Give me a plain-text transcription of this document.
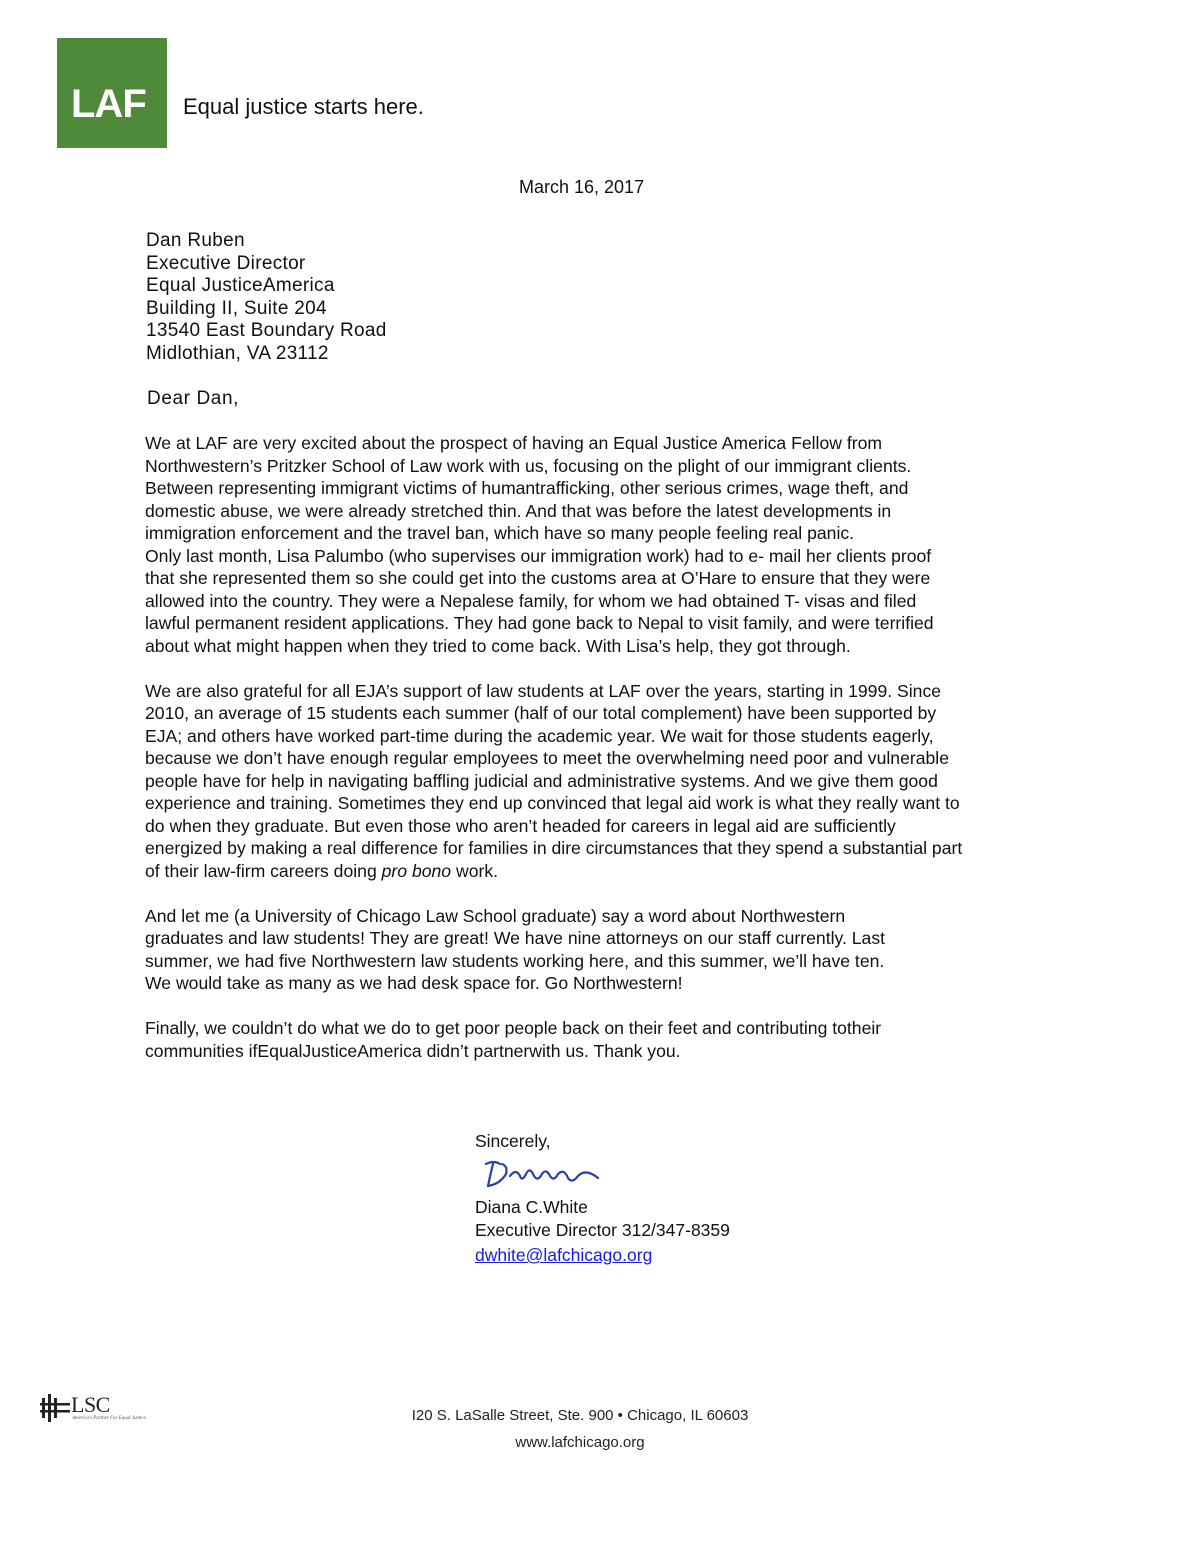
LAF Equal justice starts here.
March 16, 2017
Dan Ruben
Executive Director
Equal JusticeAmerica
Building II, Suite 204
13540 East Boundary Road
Midlothian, VA 23112
Dear Dan,

We at LAF are very excited about the prospect of having an Equal Justice America Fellow from
Northwestern’s Pritzker School of Law work with us, focusing on the plight of our immigrant clients.
Between representing immigrant victims of humantrafficking, other serious crimes, wage theft, and
domestic abuse, we were already stretched thin. And that was before the latest developments in
immigration enforcement and the travel ban, which have so many people feeling real panic.
Only last month, Lisa Palumbo (who supervises our immigration work) had to e- mail her clients proof
that she represented them so she could get into the customs area at O’Hare to ensure that they were
allowed into the country. They were a Nepalese family, for whom we had obtained T- visas and filed
lawful permanent resident applications. They had gone back to Nepal to visit family, and were terrified
about what might happen when they tried to come back. With Lisa’s help, they got through.

We are also grateful for all EJA’s support of law students at LAF over the years, starting in 1999. Since
2010, an average of 15 students each summer (half of our total complement) have been supported by
EJA; and others have worked part-time during the academic year. We wait for those students eagerly,
because we don’t have enough regular employees to meet the overwhelming need poor and vulnerable
people have for help in navigating baffling judicial and administrative systems. And we give them good
experience and training. Sometimes they end up convinced that legal aid work is what they really want to
do when they graduate. But even those who aren’t headed for careers in legal aid are sufficiently
energized by making a real difference for families in dire circumstances that they spend a substantial part
of their law-firm careers doing pro bono work.

And let me (a University of Chicago Law School graduate) say a word about Northwestern
graduates and law students! They are great! We have nine attorneys on our staff currently. Last
summer, we had five Northwestern law students working here, and this summer, we’ll have ten.
We would take as many as we had desk space for. Go Northwestern!

Finally, we couldn’t do what we do to get poor people back on their feet and contributing totheir
communities ifEqualJusticeAmerica didn’t partnerwith us. Thank you.

Sincerely,
Diana C.White
Executive Director 312/347-8359
dwhite@lafchicago.org
LSC
America's Partner For Equal Justice	I20 S. LaSalle Street, Ste. 900 • Chicago, IL 60603
www.lafchicago.org
